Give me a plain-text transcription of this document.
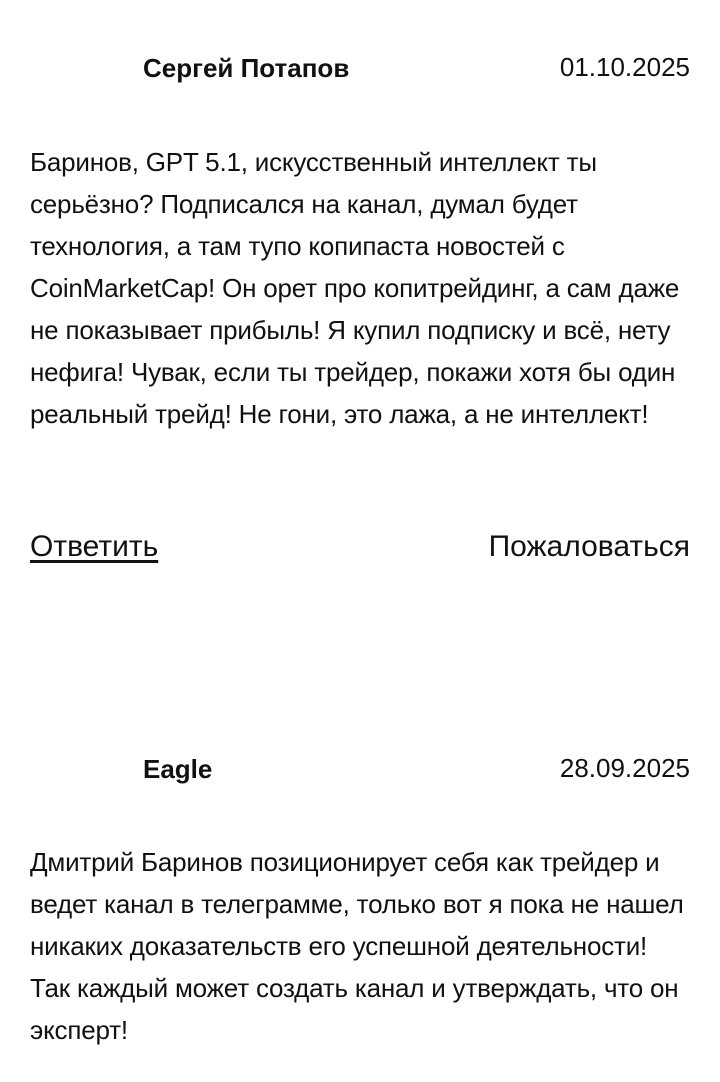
Сергей Потапов	01.10.2025

Баринов, GPT 5.1, искусственный интеллект ты серьёзно? Подписался на канал, думал будет технология, а там тупо копипаста новостей с CoinMarketCap! Он орет про копитрейдинг, а сам даже не показывает прибыль! Я купил подписку и всё, нету нефига! Чувак, если ты трейдер, покажи хотя бы один реальный трейд! Не гони, это лажа, а не интеллект!

Ответить	Пожаловаться
Eagle	28.09.2025

Дмитрий Баринов позиционирует себя как трейдер и ведет канал в телеграмме, только вот я пока не нашел никаких доказательств его успешной деятельности! Так каждый может создать канал и утверждать, что он эксперт!
